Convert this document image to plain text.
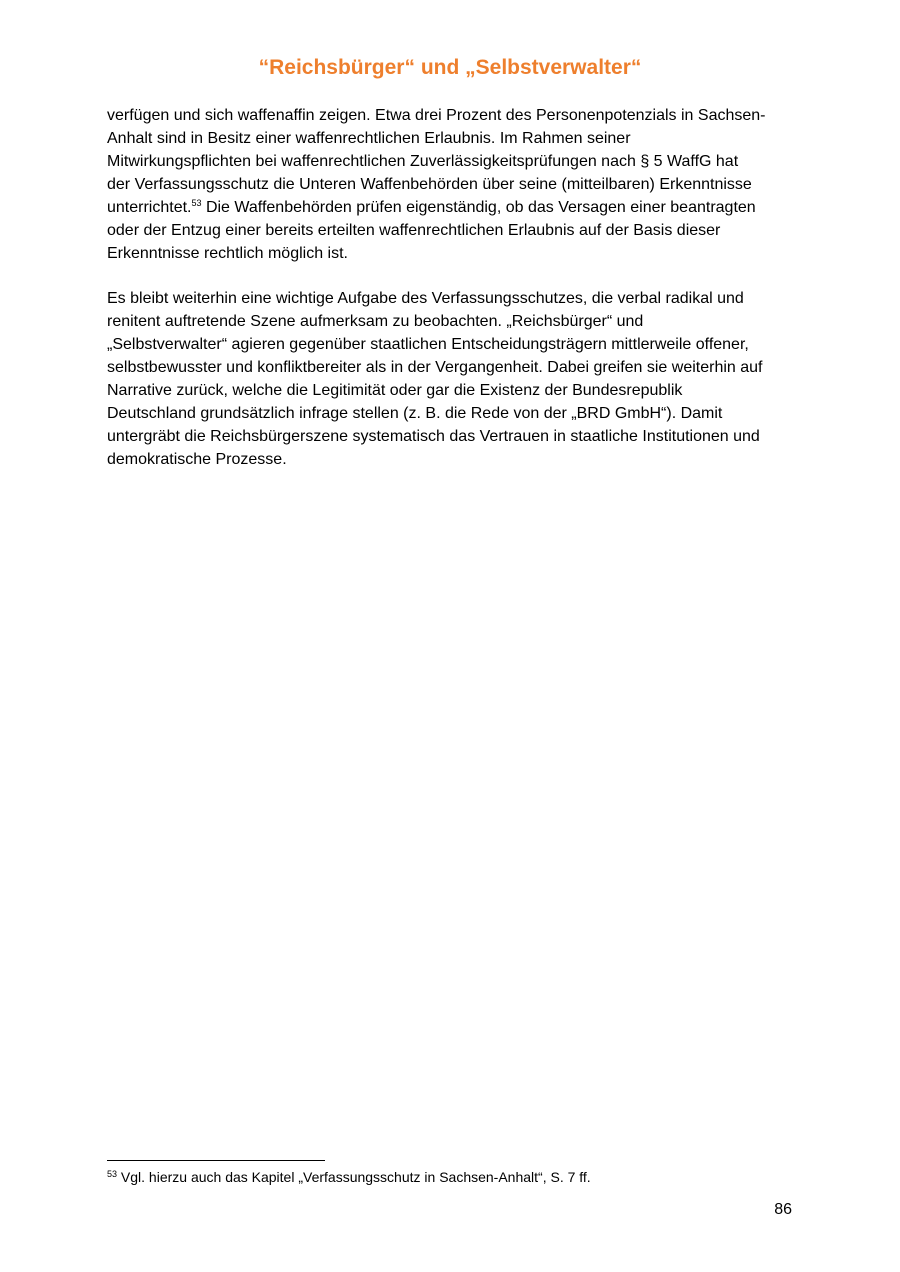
“Reichsbürger“ und „Selbstverwalter“

verfügen und sich waffenaffin zeigen. Etwa drei Prozent des Personenpotenzials in Sachsen-
Anhalt sind in Besitz einer waffenrechtlichen Erlaubnis. Im Rahmen seiner
Mitwirkungspflichten bei waffenrechtlichen Zuverlässigkeitsprüfungen nach § 5 WaffG hat
der Verfassungsschutz die Unteren Waffenbehörden über seine (mitteilbaren) Erkenntnisse
unterrichtet.$^{53}$ Die Waffenbehörden prüfen eigenständig, ob das Versagen einer beantragten
oder der Entzug einer bereits erteilten waffenrechtlichen Erlaubnis auf der Basis dieser
Erkenntnisse rechtlich möglich ist.

Es bleibt weiterhin eine wichtige Aufgabe des Verfassungsschutzes, die verbal radikal und
renitent auftretende Szene aufmerksam zu beobachten. „Reichsbürger“ und
„Selbstverwalter“ agieren gegenüber staatlichen Entscheidungsträgern mittlerweile offener,
selbstbewusster und konfliktbereiter als in der Vergangenheit. Dabei greifen sie weiterhin auf
Narrative zurück, welche die Legitimität oder gar die Existenz der Bundesrepublik
Deutschland grundsätzlich infrage stellen (z. B. die Rede von der „BRD GmbH“). Damit
untergräbt die Reichsbürgerszene systematisch das Vertrauen in staatliche Institutionen und
demokratische Prozesse.

$^{53}$ Vgl. hierzu auch das Kapitel „Verfassungsschutz in Sachsen-Anhalt“, S. 7 ff.
86
